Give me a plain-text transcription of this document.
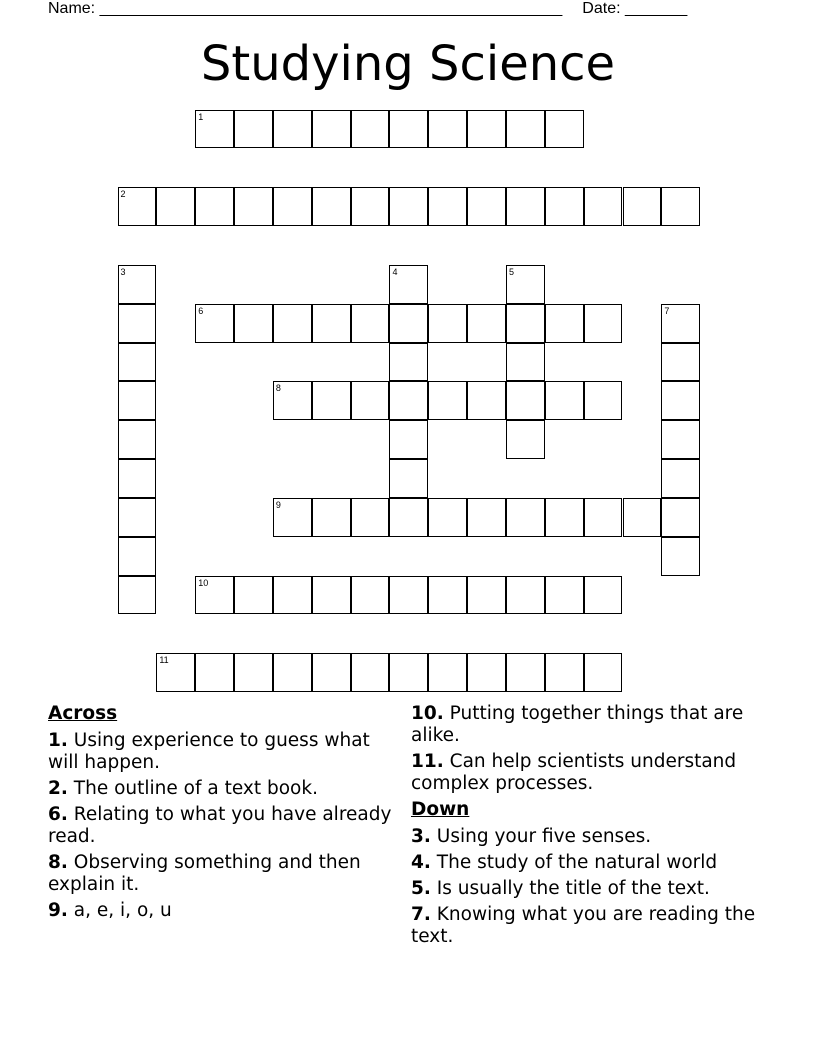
Name: ____________________________________________________ Date: _______
Studying Science
1
2
3	4	5
6	7
8
9
10
11
Across
1. Using experience to guess what will happen.
2. The outline of a text book.
6. Relating to what you have already read.
8. Observing something and then explain it.
9. a, e, i, o, u
10. Putting together things that are alike.
11. Can help scientists understand complex processes.
Down
3. Using your five senses.
4. The study of the natural world
5. Is usually the title of the text.
7. Knowing what you are reading the text.
